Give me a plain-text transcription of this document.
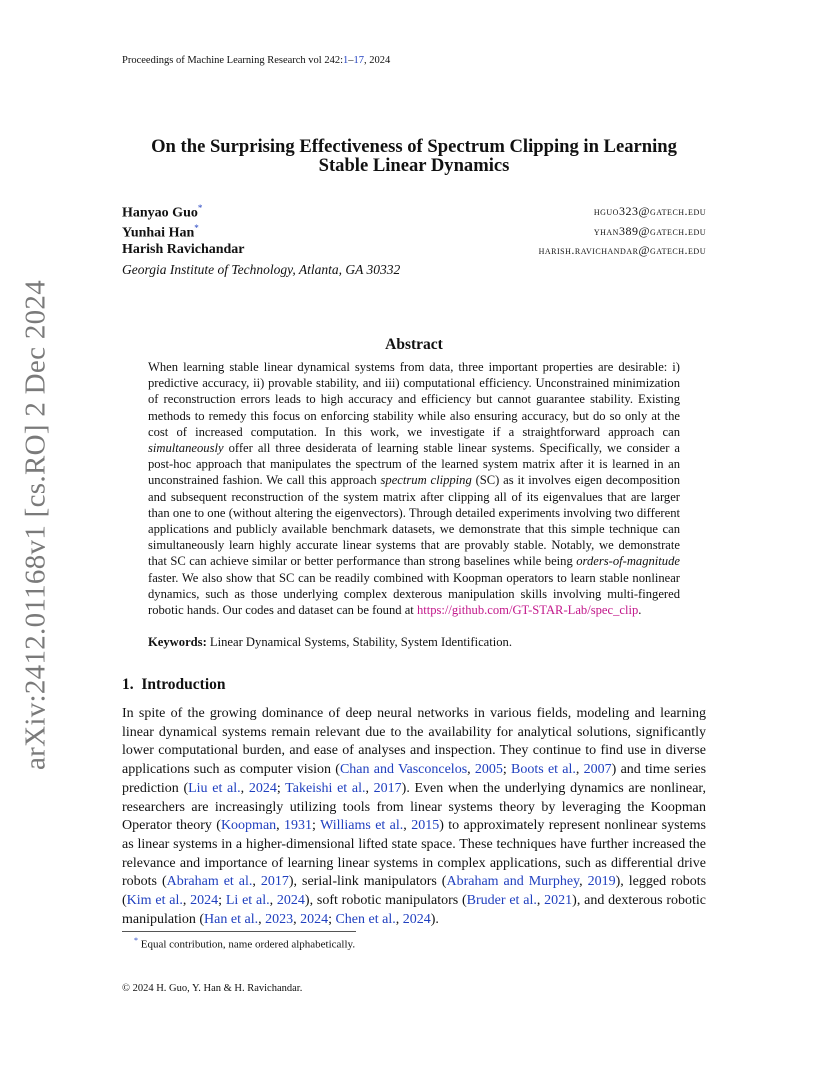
Proceedings of Machine Learning Research vol 242:1–17, 2024
On the Surprising Effectiveness of Spectrum Clipping in Learning
Stable Linear Dynamics
Hanyao Guo*	hguo323@gatech.edu
Yunhai Han*	yhan389@gatech.edu
Harish Ravichandar	harish.ravichandar@gatech.edu
Georgia Institute of Technology, Atlanta, GA 30332
arXiv:2412.01168v1 [cs.RO] 2 Dec 2024	Abstract
When learning stable linear dynamical systems from data, three important properties are desirable: i) predictive accuracy, ii) provable stability, and iii) computational efficiency. Unconstrained minimization of reconstruction errors leads to high accuracy and efficiency but cannot guarantee stability. Existing methods to remedy this focus on enforcing stability while also ensuring accuracy, but do so only at the cost of increased computation. In this work, we investigate if a straightforward approach can simultaneously offer all three desiderata of learning stable linear systems. Specifically, we consider a post-hoc approach that manipulates the spectrum of the learned system matrix after it is learned in an unconstrained fashion. We call this approach spectrum clipping (SC) as it involves eigen decomposition and subsequent reconstruction of the system matrix after clipping all of its eigenvalues that are larger than one to one (without altering the eigenvectors). Through detailed experiments involving two different applications and publicly available benchmark datasets, we demonstrate that this simple technique can simultaneously learn highly accurate linear systems that are provably stable. Notably, we demonstrate that SC can achieve similar or better performance than strong baselines while being orders-of-magnitude faster. We also show that SC can be readily combined with Koopman operators to learn stable nonlinear dynamics, such as those underlying complex dexterous manipulation skills involving multi-fingered robotic hands. Our codes and dataset can be found at https://github.com/GT-STAR-Lab/spec_clip.
Keywords: Linear Dynamical Systems, Stability, System Identification.
1. Introduction
In spite of the growing dominance of deep neural networks in various fields, modeling and learning linear dynamical systems remain relevant due to the availability for analytical solutions, significantly lower computational burden, and ease of analyses and inspection. They continue to find use in diverse applications such as computer vision (Chan and Vasconcelos, 2005; Boots et al., 2007) and time series prediction (Liu et al., 2024; Takeishi et al., 2017). Even when the underlying dynamics are nonlinear, researchers are increasingly utilizing tools from linear systems theory by leveraging the Koopman Operator theory (Koopman, 1931; Williams et al., 2015) to approximately represent nonlinear systems as linear systems in a higher-dimensional lifted state space. These techniques have further increased the relevance and importance of learning linear systems in complex applications, such as differential drive robots (Abraham et al., 2017), serial-link manipulators (Abraham and Murphey, 2019), legged robots (Kim et al., 2024; Li et al., 2024), soft robotic manipulators (Bruder et al., 2021), and dexterous robotic manipulation (Han et al., 2023, 2024; Chen et al., 2024).
* Equal contribution, name ordered alphabetically.
© 2024 H. Guo, Y. Han & H. Ravichandar.
